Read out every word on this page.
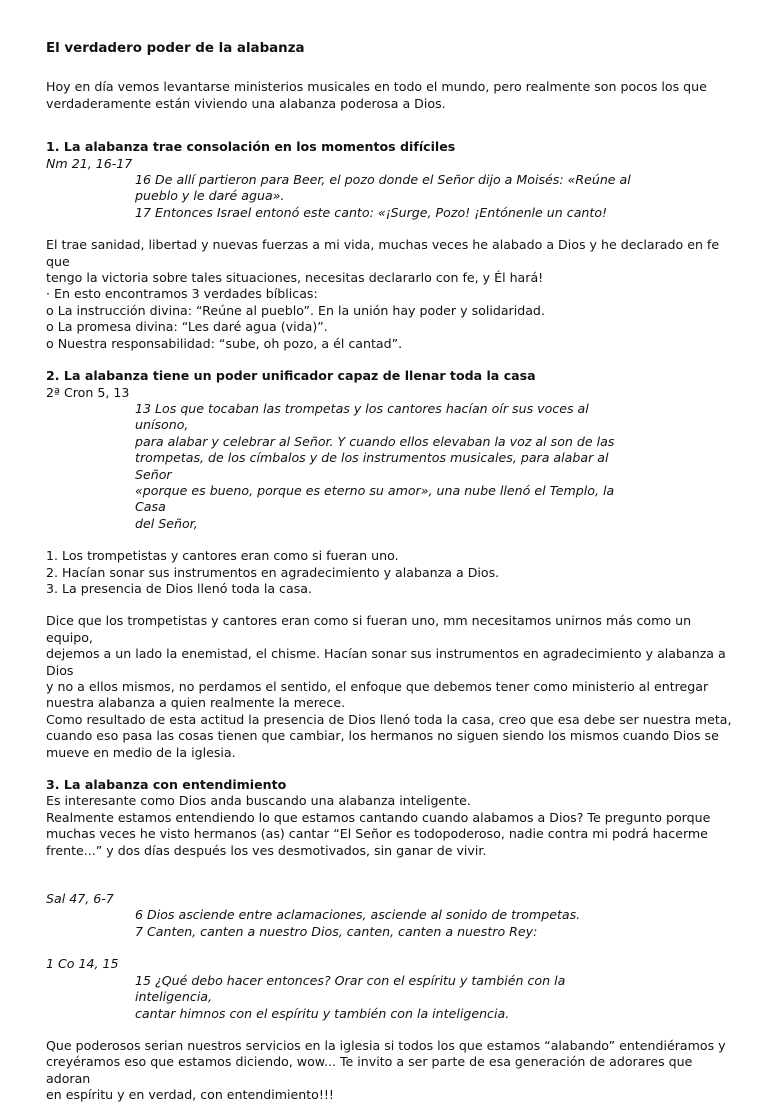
El verdadero poder de la alabanza

Hoy en día vemos levantarse ministerios musicales en todo el mundo, pero realmente son pocos los que
verdaderamente están viviendo una alabanza poderosa a Dios.

1. La alabanza trae consolación en los momentos difíciles

Nm 21, 16-17

16 De allí partieron para Beer, el pozo donde el Señor dijo a Moisés: «Reúne al
pueblo y le daré agua».
17 Entonces Israel entonó este canto: «¡Surge, Pozo! ¡Entónenle un canto!
El trae sanidad, libertad y nuevas fuerzas a mi vida, muchas veces he alabado a Dios y he declarado en fe que
tengo la victoria sobre tales situaciones, necesitas declararlo con fe, y Él hará!
· En esto encontramos 3 verdades bíblicas:
o La instrucción divina: “Reúne al pueblo”. En la unión hay poder y solidaridad.
o La promesa divina: “Les daré agua (vida)”.
o Nuestra responsabilidad: “sube, oh pozo, a él cantad”.

2. La alabanza tiene un poder unificador capaz de llenar toda la casa

2ª Cron 5, 13

13 Los que tocaban las trompetas y los cantores hacían oír sus voces al unísono,
para alabar y celebrar al Señor. Y cuando ellos elevaban la voz al son de las
trompetas, de los címbalos y de los instrumentos musicales, para alabar al Señor
«porque es bueno, porque es eterno su amor», una nube llenó el Templo, la Casa
del Señor,
1. Los trompetistas y cantores eran como si fueran uno.
2. Hacían sonar sus instrumentos en agradecimiento y alabanza a Dios.
3. La presencia de Dios llenó toda la casa.
Dice que los trompetistas y cantores eran como si fueran uno, mm necesitamos unirnos más como un equipo,
dejemos a un lado la enemistad, el chisme. Hacían sonar sus instrumentos en agradecimiento y alabanza a Dios
y no a ellos mismos, no perdamos el sentido, el enfoque que debemos tener como ministerio al entregar
nuestra alabanza a quien realmente la merece.
Como resultado de esta actitud la presencia de Dios llenó toda la casa, creo que esa debe ser nuestra meta,
cuando eso pasa las cosas tienen que cambiar, los hermanos no siguen siendo los mismos cuando Dios se
mueve en medio de la iglesia.

3. La alabanza con entendimiento

Es interesante como Dios anda buscando una alabanza inteligente.
Realmente estamos entendiendo lo que estamos cantando cuando alabamos a Dios? Te pregunto porque
muchas veces he visto hermanos (as) cantar “El Señor es todopoderoso, nadie contra mi podrá hacerme
frente...” y dos días después los ves desmotivados, sin ganar de vivir.

Sal 47, 6-7

6 Dios asciende entre aclamaciones, asciende al sonido de trompetas.
7 Canten, canten a nuestro Dios, canten, canten a nuestro Rey:

1 Co 14, 15

15 ¿Qué debo hacer entonces? Orar con el espíritu y también con la inteligencia,
cantar himnos con el espíritu y también con la inteligencia.
Que poderosos serian nuestros servicios en la iglesia si todos los que estamos “alabando” entendiéramos y
creyéramos eso que estamos diciendo, wow... Te invito a ser parte de esa generación de adorares que adoran
en espíritu y en verdad, con entendimiento!!!
